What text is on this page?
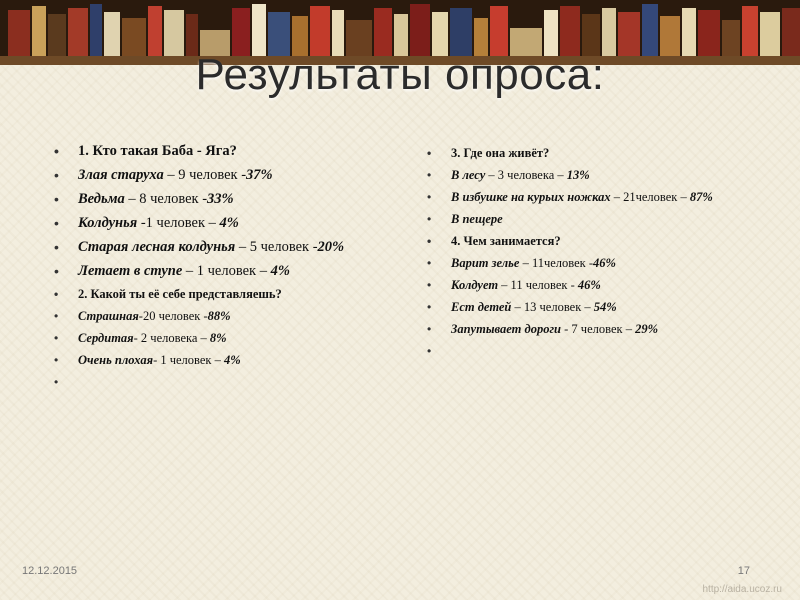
Результаты опроса:
• 1. Кто такая Баба - Яга?
• Злая старуха – 9 человек -37%
• Ведьма – 8 человек -33%
• Колдунья -1 человек – 4%
• Старая лесная колдунья – 5 человек -20%
• Летает в ступе – 1 человек – 4%
• 2. Какой ты её себе представляешь?
• Страшная-20 человек -88%
• Сердитая- 2 человека – 8%
• Очень плохая- 1 человек – 4%
•
• 3. Где она живёт?
• В лесу – 3 человека – 13%
• В избушке на курьих ножках – 21человек – 87%
• В пещере
• 4. Чем занимается?
• Варит зелье – 11человек -46%
• Колдует – 11 человек - 46%
• Ест детей – 13 человек – 54%
• Запутывает дороги - 7 человек – 29%
•
12.12.2015	17
http://aida.ucoz.ru
